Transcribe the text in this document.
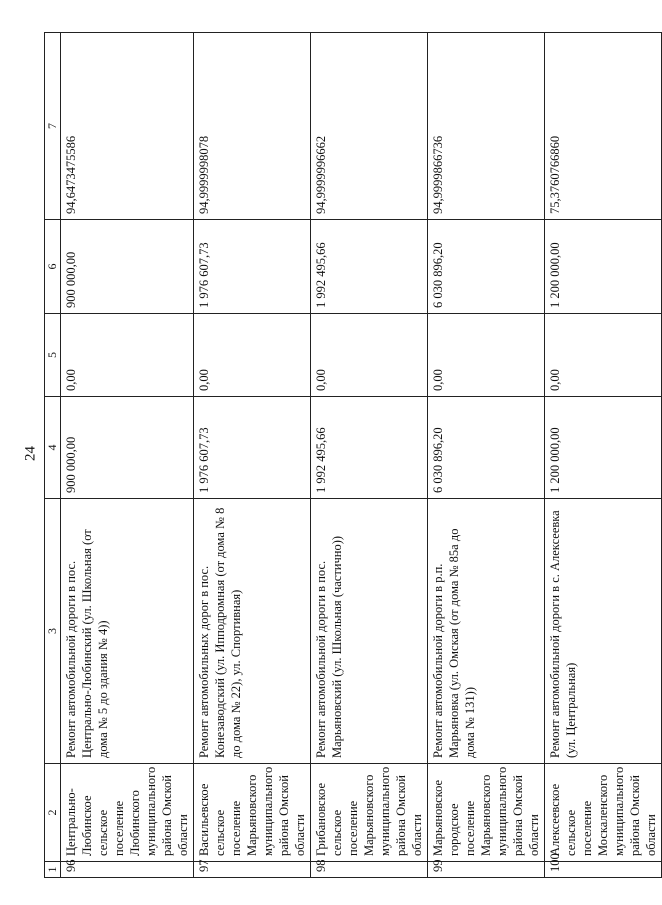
24
1	2	3	4	5	6	7
96	Центрально-Любинское сельское поселение Любинского муниципального района Омской области	Ремонт автомобильной дороги в пос. Центрально-Любинский (ул. Школьная (от дома № 5 до здания № 4))	900 000,00	0,00	900 000,00	94,6473475586
97	Васильевское сельское поселение Марьяновского муниципального района Омской области	Ремонт автомобильных дорог в пос. Конезаводский (ул. Ипподромная (от дома № 8 до дома № 22), ул. Спортивная)	1 976 607,73	0,00	1 976 607,73	94,9999998078
98	Грибановское сельское поселение Марьяновского муниципального района Омской области	Ремонт автомобильной дороги в пос. Марьяновский (ул. Школьная (частично))	1 992 495,66	0,00	1 992 495,66	94,9999996662
99	Марьяновское городское поселение Марьяновского муниципального района Омской области	Ремонт автомобильной дороги в р.п. Марьяновка (ул. Омская (от дома № 85а до дома № 131))	6 030 896,20	0,00	6 030 896,20	94,9999866736
100	Алексеевское сельское поселение Москаленского муниципального района Омской области	Ремонт автомобильной дороги в с. Алексеевка (ул. Центральная)	1 200 000,00	0,00	1 200 000,00	75,3760766860
